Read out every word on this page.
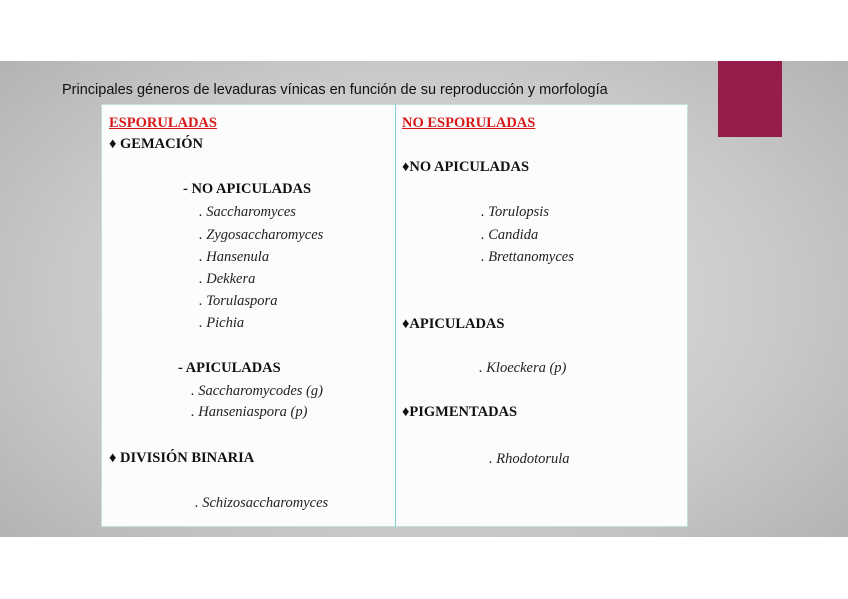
Principales géneros de levaduras vínicas en función de su reproducción y morfología
ESPORULADAS
♦ GEMACIÓN
- NO APICULADAS
. Saccharomyces
. Zygosaccharomyces
. Hansenula
. Dekkera
. Torulaspora
. Pichia
- APICULADAS
. Saccharomycodes (g)
. Hanseniaspora (p)
♦ DIVISIÓN BINARIA
. Schizosaccharomyces
NO ESPORULADAS
♦NO APICULADAS
. Torulopsis
. Candida
. Brettanomyces
♦APICULADAS
. Kloeckera (p)
♦PIGMENTADAS
. Rhodotorula
